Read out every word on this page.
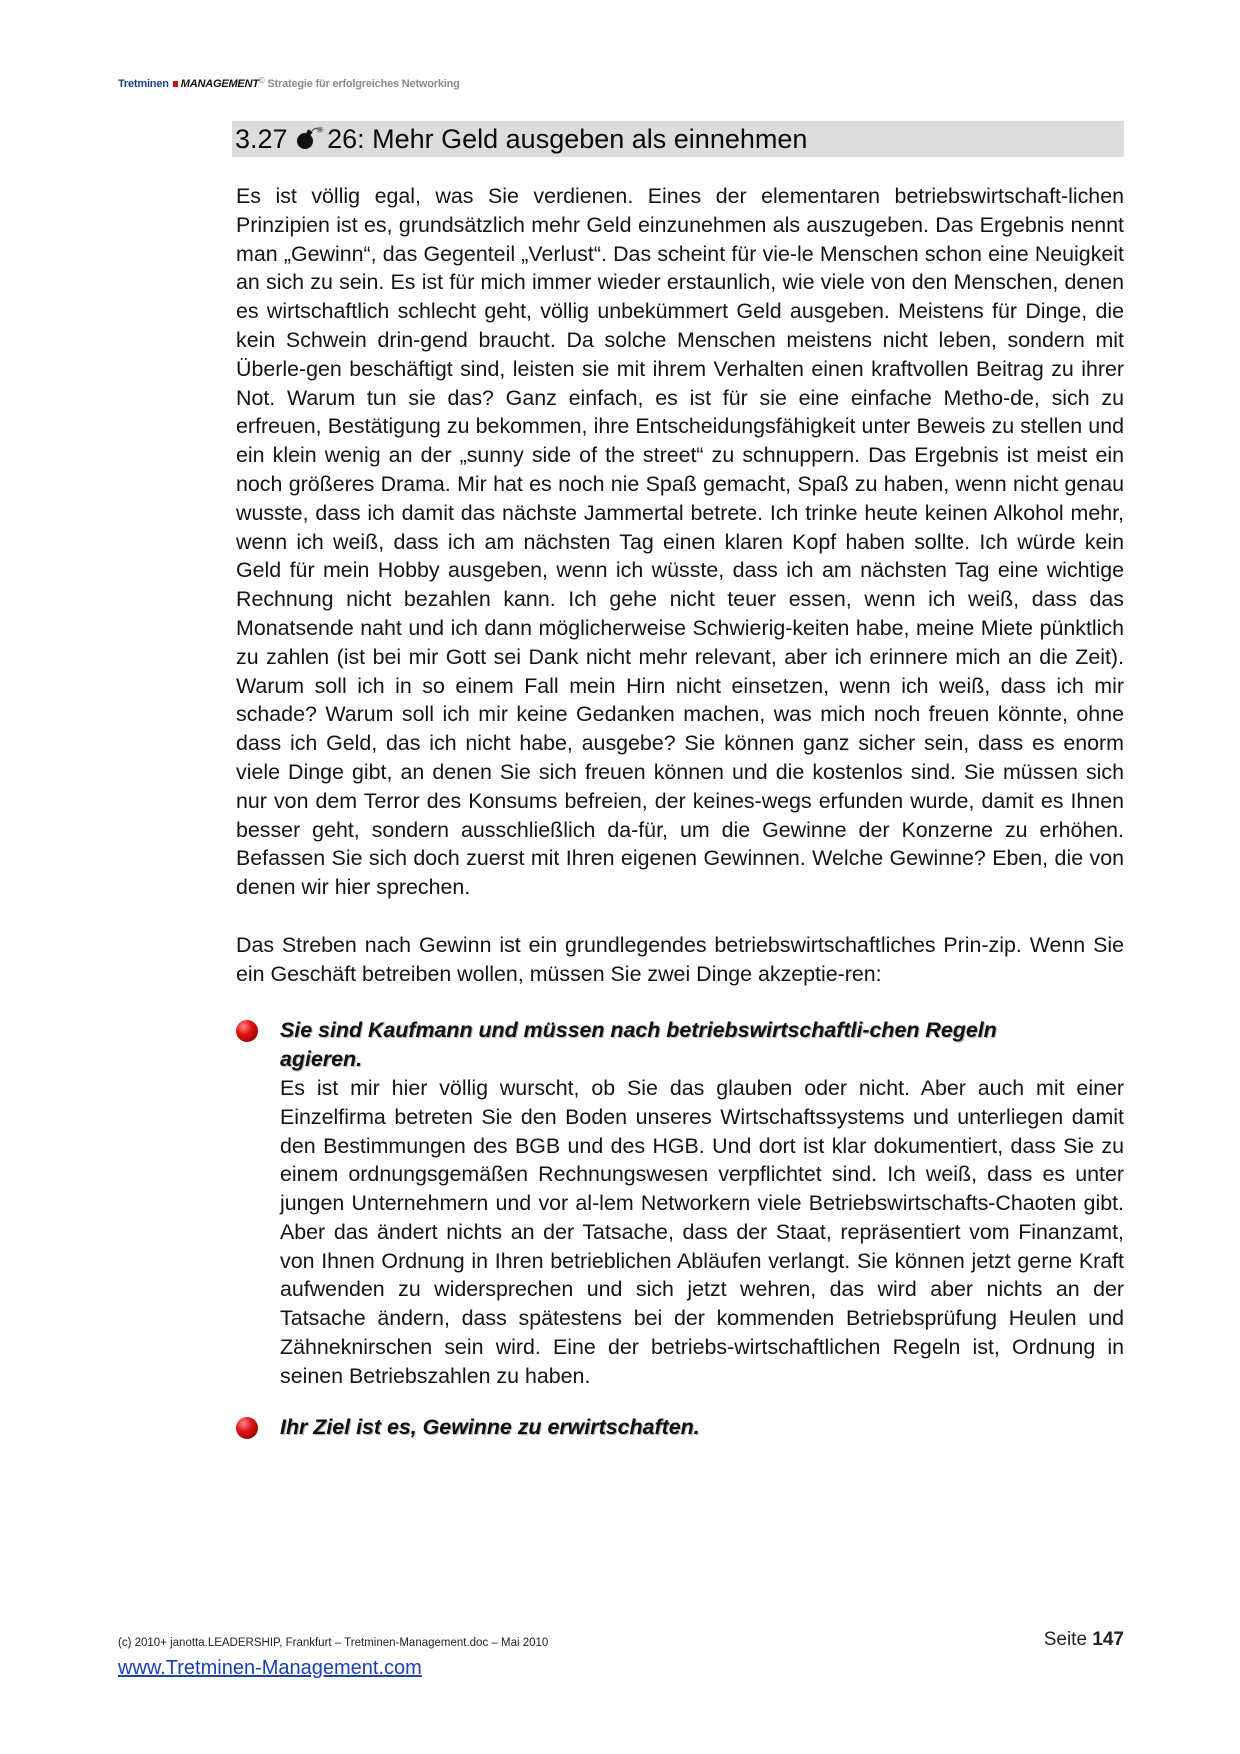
Tretminen MANAGEMENT© Strategie für erfolgreiches Networking
3.27 26: Mehr Geld ausgeben als einnehmen

Es ist völlig egal, was Sie verdienen. Eines der elementaren betriebswirtschaft-lichen Prinzipien ist es, grundsätzlich mehr Geld einzunehmen als auszugeben. Das Ergebnis nennt man „Gewinn“, das Gegenteil „Verlust“. Das scheint für vie-le Menschen schon eine Neuigkeit an sich zu sein. Es ist für mich immer wieder erstaunlich, wie viele von den Menschen, denen es wirtschaftlich schlecht geht, völlig unbekümmert Geld ausgeben. Meistens für Dinge, die kein Schwein drin-gend braucht. Da solche Menschen meistens nicht leben, sondern mit Überle-gen beschäftigt sind, leisten sie mit ihrem Verhalten einen kraftvollen Beitrag zu ihrer Not. Warum tun sie das? Ganz einfach, es ist für sie eine einfache Metho-de, sich zu erfreuen, Bestätigung zu bekommen, ihre Entscheidungsfähigkeit unter Beweis zu stellen und ein klein wenig an der „sunny side of the street“ zu schnuppern. Das Ergebnis ist meist ein noch größeres Drama. Mir hat es noch nie Spaß gemacht, Spaß zu haben, wenn nicht genau wusste, dass ich damit das nächste Jammertal betrete. Ich trinke heute keinen Alkohol mehr, wenn ich weiß, dass ich am nächsten Tag einen klaren Kopf haben sollte. Ich würde kein Geld für mein Hobby ausgeben, wenn ich wüsste, dass ich am nächsten Tag eine wichtige Rechnung nicht bezahlen kann. Ich gehe nicht teuer essen, wenn ich weiß, dass das Monatsende naht und ich dann möglicherweise Schwierig-keiten habe, meine Miete pünktlich zu zahlen (ist bei mir Gott sei Dank nicht mehr relevant, aber ich erinnere mich an die Zeit). Warum soll ich in so einem Fall mein Hirn nicht einsetzen, wenn ich weiß, dass ich mir schade? Warum soll ich mir keine Gedanken machen, was mich noch freuen könnte, ohne dass ich Geld, das ich nicht habe, ausgebe? Sie können ganz sicher sein, dass es enorm viele Dinge gibt, an denen Sie sich freuen können und die kostenlos sind. Sie müssen sich nur von dem Terror des Konsums befreien, der keines-wegs erfunden wurde, damit es Ihnen besser geht, sondern ausschließlich da-für, um die Gewinne der Konzerne zu erhöhen. Befassen Sie sich doch zuerst mit Ihren eigenen Gewinnen. Welche Gewinne? Eben, die von denen wir hier sprechen.

Das Streben nach Gewinn ist ein grundlegendes betriebswirtschaftliches Prin-zip. Wenn Sie ein Geschäft betreiben wollen, müssen Sie zwei Dinge akzeptie-ren:

Sie sind Kaufmann und müssen nach betriebswirtschaftli-chen Regeln agieren.
Es ist mir hier völlig wurscht, ob Sie das glauben oder nicht. Aber auch mit einer Einzelfirma betreten Sie den Boden unseres Wirtschaftssystems und unterliegen damit den Bestimmungen des BGB und des HGB. Und dort ist klar dokumentiert, dass Sie zu einem ordnungsgemäßen Rechnungswesen verpflichtet sind. Ich weiß, dass es unter jungen Unternehmern und vor al-lem Networkern viele Betriebswirtschafts-Chaoten gibt. Aber das ändert nichts an der Tatsache, dass der Staat, repräsentiert vom Finanzamt, von Ihnen Ordnung in Ihren betrieblichen Abläufen verlangt. Sie können jetzt gerne Kraft aufwenden zu widersprechen und sich jetzt wehren, das wird aber nichts an der Tatsache ändern, dass spätestens bei der kommenden Betriebsprüfung Heulen und Zähneknirschen sein wird. Eine der betriebs-wirtschaftlichen Regeln ist, Ordnung in seinen Betriebszahlen zu haben.
Ihr Ziel ist es, Gewinne zu erwirtschaften.
(c) 2010+ janotta.LEADERSHIP, Frankfurt – Tretminen-Management.doc – Mai 2010	Seite 147
www.Tretminen-Management.com
